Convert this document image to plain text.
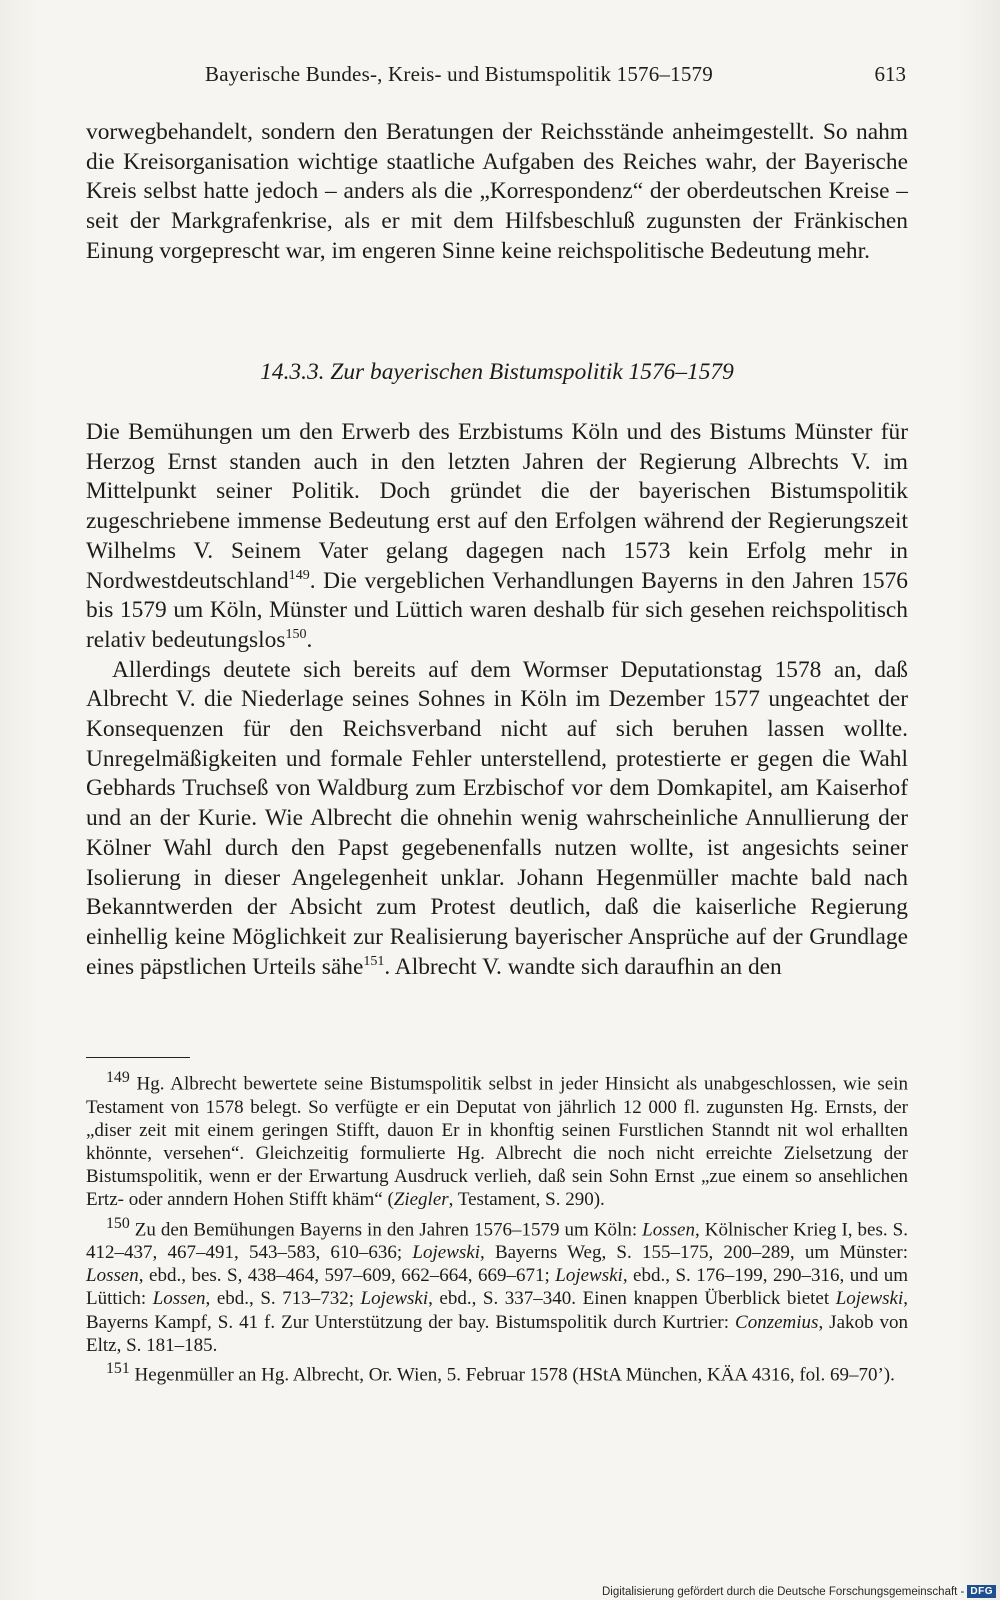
Bayerische Bundes-, Kreis- und Bistumspolitik 1576–1579	613

vorwegbehandelt, sondern den Beratungen der Reichsstände anheimgestellt. So nahm die Kreisorganisation wichtige staatliche Aufgaben des Reiches wahr, der Bayerische Kreis selbst hatte jedoch – anders als die „Korrespondenz“ der oberdeutschen Kreise – seit der Markgrafenkrise, als er mit dem Hilfsbeschluß zugunsten der Fränkischen Einung vorgeprescht war, im engeren Sinne keine reichspolitische Bedeutung mehr.

14.3.3. Zur bayerischen Bistumspolitik 1576–1579

Die Bemühungen um den Erwerb des Erzbistums Köln und des Bistums Münster für Herzog Ernst standen auch in den letzten Jahren der Regierung Albrechts V. im Mittelpunkt seiner Politik. Doch gründet die der bayerischen Bistumspolitik zugeschriebene immense Bedeutung erst auf den Erfolgen während der Regierungszeit Wilhelms V. Seinem Vater gelang dagegen nach 1573 kein Erfolg mehr in Nordwestdeutschland$^{149}$. Die vergeblichen Verhandlungen Bayerns in den Jahren 1576 bis 1579 um Köln, Münster und Lüttich waren deshalb für sich gesehen reichspolitisch relativ bedeutungslos$^{150}$.

Allerdings deutete sich bereits auf dem Wormser Deputationstag 1578 an, daß Albrecht V. die Niederlage seines Sohnes in Köln im Dezember 1577 ungeachtet der Konsequenzen für den Reichsverband nicht auf sich beruhen lassen wollte. Unregelmäßigkeiten und formale Fehler unterstellend, protestierte er gegen die Wahl Gebhards Truchseß von Waldburg zum Erzbischof vor dem Domkapitel, am Kaiserhof und an der Kurie. Wie Albrecht die ohnehin wenig wahrscheinliche Annullierung der Kölner Wahl durch den Papst gegebenenfalls nutzen wollte, ist angesichts seiner Isolierung in dieser Angelegenheit unklar. Johann Hegenmüller machte bald nach Bekanntwerden der Absicht zum Protest deutlich, daß die kaiserliche Regierung einhellig keine Möglichkeit zur Realisierung bayerischer Ansprüche auf der Grundlage eines päpstlichen Urteils sähe$^{151}$. Albrecht V. wandte sich daraufhin an den

$^{149}$ Hg. Albrecht bewertete seine Bistumspolitik selbst in jeder Hinsicht als unabgeschlossen, wie sein Testament von 1578 belegt. So verfügte er ein Deputat von jährlich 12 000 fl. zugunsten Hg. Ernsts, der „diser zeit mit einem geringen Stifft, dauon Er in khonftig seinen Furstlichen Stanndt nit wol erhallten khönnte, versehen“. Gleichzeitig formulierte Hg. Albrecht die noch nicht erreichte Zielsetzung der Bistumspolitik, wenn er der Erwartung Ausdruck verlieh, daß sein Sohn Ernst „zue einem so ansehlichen Ertz- oder anndern Hohen Stifft khäm“ (Ziegler, Testament, S. 290).

$^{150}$ Zu den Bemühungen Bayerns in den Jahren 1576–1579 um Köln: Lossen, Kölnischer Krieg I, bes. S. 412–437, 467–491, 543–583, 610–636; Lojewski, Bayerns Weg, S. 155–175, 200–289, um Münster: Lossen, ebd., bes. S, 438–464, 597–609, 662–664, 669–671; Lojewski, ebd., S. 176–199, 290–316, und um Lüttich: Lossen, ebd., S. 713–732; Lojewski, ebd., S. 337–340. Einen knappen Überblick bietet Lojewski, Bayerns Kampf, S. 41 f. Zur Unterstützung der bay. Bistumspolitik durch Kurtrier: Conzemius, Jakob von Eltz, S. 181–185.

$^{151}$ Hegenmüller an Hg. Albrecht, Or. Wien, 5. Februar 1578 (HStA München, KÄA 4316, fol. 69–70’).

Digitalisierung gefördert durch die Deutsche Forschungsgemeinschaft - DFG
